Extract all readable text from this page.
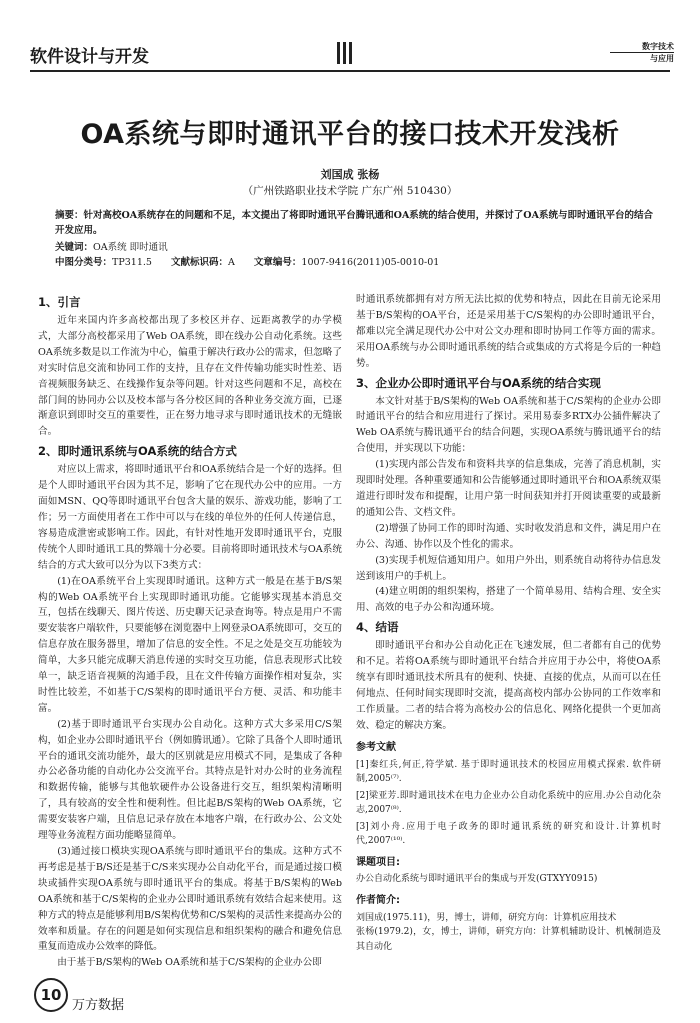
软件设计与开发
数字技术
与应用
OA系统与即时通讯平台的接口技术开发浅析
刘国成 张杨
（广州铁路职业技术学院 广东广州 510430）
摘要：针对高校OA系统存在的问题和不足，本文提出了将即时通讯平台腾讯通和OA系统的结合使用，并探讨了OA系统与即时通讯平台的结合开发应用。
关键词：OA系统 即时通讯
中图分类号：TP311.5 文献标识码：A 文章编号：1007-9416(2011)05-0010-01
1、引言

近年来国内许多高校都出现了多校区并存、远距离教学的办学模式，大部分高校都采用了Web OA系统，即在线办公自动化系统。这些OA系统多数是以工作流为中心，偏重于解决行政办公的需求，但忽略了对实时信息交流和协同工作的支持，且存在文件传输功能实时性差、语音视频服务缺乏、在线操作复杂等问题。针对这些问题和不足，高校在部门间的协同办公以及校本部与各分校区间的各种业务交流方面，已逐渐意识到即时交互的重要性，正在努力地寻求与即时通讯技术的无缝嵌合。

2、即时通讯系统与OA系统的结合方式

对应以上需求，将即时通讯平台和OA系统结合是一个好的选择。但是个人即时通讯平台因为其不足，影响了它在现代办公中的应用。一方面如MSN、QQ等即时通讯平台包含大量的娱乐、游戏功能，影响了工作；另一方面使用者在工作中可以与在线的单位外的任何人传递信息，容易造成泄密或影响工作。因此，有针对性地开发即时通讯平台，克服传统个人即时通讯工具的弊端十分必要。目前将即时通讯技术与OA系统结合的方式大致可以分为以下3类方式：

(1)在OA系统平台上实现即时通讯。这种方式一般是在基于B/S架构的Web OA系统平台上实现即时通讯功能。它能够实现基本消息交互，包括在线聊天、图片传送、历史聊天记录查询等。特点是用户不需要安装客户端软件，只要能够在浏览器中上网登录OA系统即可，交互的信息存放在服务器里，增加了信息的安全性。不足之处是交互功能较为简单，大多只能完成聊天消息传递的实时交互功能，信息表现形式比较单一，缺乏语音视频的沟通手段，且在文件传输方面操作相对复杂，实时性比较差，不如基于C/S架构的即时通讯平台方便、灵活、和功能丰富。

(2)基于即时通讯平台实现办公自动化。这种方式大多采用C/S架构，如企业办公即时通讯平台（例如腾讯通）。它除了具备个人即时通讯平台的通讯交流功能外，最大的区别就是应用模式不同，是集成了各种办公必备功能的自动化办公交流平台。其特点是针对办公时的业务流程和数据传输，能够与其他软硬件办公设备进行交互，组织架构清晰明了，具有较高的安全性和便利性。但比起B/S架构的Web OA系统，它需要安装客户端，且信息记录存放在本地客户端，在行政办公、公文处理等业务流程方面功能略显简单。

(3)通过接口模块实现OA系统与即时通讯平台的集成。这种方式不再考虑是基于B/S还是基于C/S来实现办公自动化平台，而是通过接口模块或插件实现OA系统与即时通讯平台的集成。将基于B/S架构的Web OA系统和基于C/S架构的企业办公即时通讯系统有效结合起来使用。这种方式的特点是能够利用B/S架构优势和C/S架构的灵活性来提高办公的效率和质量。存在的问题是如何实现信息和组织架构的融合和避免信息重复而造成办公效率的降低。

由于基于B/S架构的Web OA系统和基于C/S架构的企业办公即

时通讯系统都拥有对方所无法比拟的优势和特点，因此在目前无论采用基于B/S架构的OA平台，还是采用基于C/S架构的办公即时通讯平台，都难以完全满足现代办公中对公文办理和即时协同工作等方面的需求。采用OA系统与办公即时通讯系统的结合或集成的方式将是今后的一种趋势。

3、企业办公即时通讯平台与OA系统的结合实现

本文针对基于B/S架构的Web OA系统和基于C/S架构的企业办公即时通讯平台的结合和应用进行了探讨。采用易泰多RTX办公插件解决了Web OA系统与腾讯通平台的结合问题，实现OA系统与腾讯通平台的结合使用，并实现以下功能：

(1)实现内部公告发布和资料共享的信息集成，完善了消息机制，实现即时处理。各种重要通知和公告能够通过即时通讯平台和OA系统双渠道进行即时发布和提醒，让用户第一时间获知并打开阅读重要的或最新的通知公告、文档文件。

(2)增强了协同工作的即时沟通、实时收发消息和文件，满足用户在办公、沟通、协作以及个性化的需求。

(3)实现手机短信通知用户。如用户外出，则系统自动将待办信息发送到该用户的手机上。

(4)建立明朗的组织架构，搭建了一个简单易用、结构合理、安全实用、高效的电子办公和沟通环境。

4、结语

即时通讯平台和办公自动化正在飞速发展，但二者都有自己的优势和不足。若将OA系统与即时通讯平台结合并应用于办公中，将使OA系统享有即时通讯技术所具有的便利、快捷、直接的优点，从而可以在任何地点、任何时间实现即时交流，提高高校内部办公协同的工作效率和工作质量。二者的结合将为高校办公的信息化、网络化提供一个更加高效、稳定的解决方案。

参考文献

[1]秦红兵,何正,符学斌. 基于即时通讯技术的校园应用模式探索. 软件研制,2005⁽⁷⁾.

[2]梁亚芳.即时通讯技术在电力企业办公自动化系统中的应用.办公自动化杂志,2007⁽⁸⁾.

[3]刘小舟.应用于电子政务的即时通讯系统的研究和设计.计算机时代,2007⁽¹⁰⁾.

课题项目:

办公自动化系统与即时通讯平台的集成与开发(GTXYY0915)

作者简介:

刘国成(1975.11)，男，博士，讲师，研究方向：计算机应用技术

张杨(1979.2)，女，博士，讲师，研究方向：计算机辅助设计、机械制造及其自动化

10
万方数据
